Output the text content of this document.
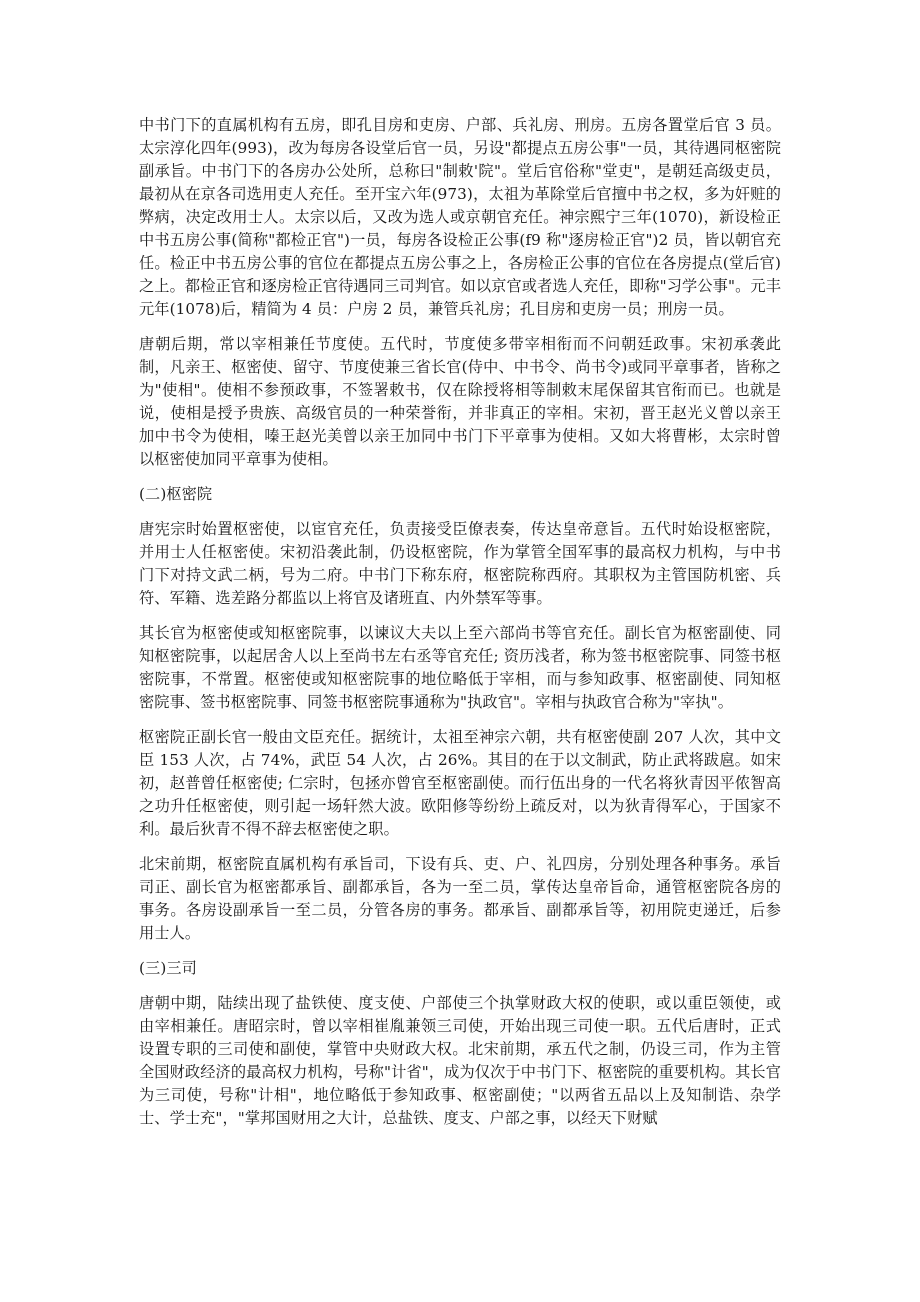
中书门下的直属机构有五房，即孔目房和吏房、户部、兵礼房、刑房。五房各置堂后官 3 员。太宗淳化四年(993)，改为每房各设堂后官一员，另设"都提点五房公事"一员，其待遇同枢密院副承旨。中书门下的各房办公处所，总称曰"制敕'院"。堂后官俗称"堂吏"，是朝廷高级吏员，最初从在京各司选用吏人充任。至开宝六年(973)，太祖为革除堂后官擅中书之权，多为奸赃的弊病，决定改用士人。太宗以后，又改为选人或京朝官充任。神宗熙宁三年(1070)，新设检正中书五房公事(简称"都检正官")一员，每房各设检正公事(f9 称"逐房检正官")2 员，皆以朝官充任。检正中书五房公事的官位在都提点五房公事之上，各房检正公事的官位在各房提点(堂后官)之上。都检正官和逐房检正官待遇同三司判官。如以京官或者选人充任，即称"习学公事"。元丰元年(1078)后，精简为 4 员：户房 2 员，兼管兵礼房；孔目房和吏房一员；刑房一员。

唐朝后期，常以宰相兼任节度使。五代时，节度使多带宰相衔而不问朝廷政事。宋初承袭此制，凡亲王、枢密使、留守、节度使兼三省长官(侍中、中书令、尚书令)或同平章事者，皆称之为"使相"。使相不参预政事，不签署敕书，仅在除授将相等制敕末尾保留其官衔而已。也就是说，使相是授予贵族、高级官员的一种荣誉衔，并非真正的宰相。宋初，晋王赵光义曾以亲王加中书令为使相，嗪王赵光美曾以亲王加同中书门下平章事为使相。又如大将曹彬，太宗时曾以枢密使加同平章事为使相。

(二)枢密院

唐宪宗时始置枢密使，以宦官充任，负责接受臣僚表奏，传达皇帝意旨。五代时始设枢密院，并用士人任枢密使。宋初沿袭此制，仍设枢密院，作为掌管全国军事的最高权力机构，与中书门下对持文武二柄，号为二府。中书门下称东府，枢密院称西府。其职权为主管国防机密、兵符、军籍、选差路分都监以上将官及诸班直、内外禁军等事。

其长官为枢密使或知枢密院事，以谏议大夫以上至六部尚书等官充任。副长官为枢密副使、同知枢密院事，以起居舍人以上至尚书左右丞等官充任; 资历浅者，称为签书枢密院事、同签书枢密院事，不常置。枢密使或知枢密院事的地位略低于宰相，而与参知政事、枢密副使、同知枢密院事、签书枢密院事、同签书枢密院事通称为"执政官"。宰相与执政官合称为"宰执"。

枢密院正副长官一般由文臣充任。据统计，太祖至神宗六朝，共有枢密使副 207 人次，其中文臣 153 人次，占 74%，武臣 54 人次，占 26%。其目的在于以文制武，防止武将跋扈。如宋初，赵普曾任枢密使; 仁宗时，包拯亦曾官至枢密副使。而行伍出身的一代名将狄青因平侬智高之功升任枢密使，则引起一场轩然大波。欧阳修等纷纷上疏反对，以为狄青得军心，于国家不利。最后狄青不得不辞去枢密使之职。

北宋前期，枢密院直属机构有承旨司，下设有兵、吏、户、礼四房，分别处理各种事务。承旨司正、副长官为枢密都承旨、副都承旨，各为一至二员，掌传达皇帝旨命，通管枢密院各房的事务。各房设副承旨一至二员，分管各房的事务。都承旨、副都承旨等，初用院吏递迁，后参用士人。

(三)三司

唐朝中期，陆续出现了盐铁使、度支使、户部使三个执掌财政大权的使职，或以重臣领使，或由宰相兼任。唐昭宗时，曾以宰相崔胤兼领三司使，开始出现三司使一职。五代后唐时，正式设置专职的三司使和副使，掌管中央财政大权。北宋前期，承五代之制，仍设三司，作为主管全国财政经济的最高权力机构，号称"计省"，成为仅次于中书门下、枢密院的重要机构。其长官为三司使，号称"计相"，地位略低于参知政事、枢密副使；"以两省五品以上及知制诰、杂学士、学士充"，"掌邦国财用之大计，总盐铁、度支、户部之事，以经天下财赋
